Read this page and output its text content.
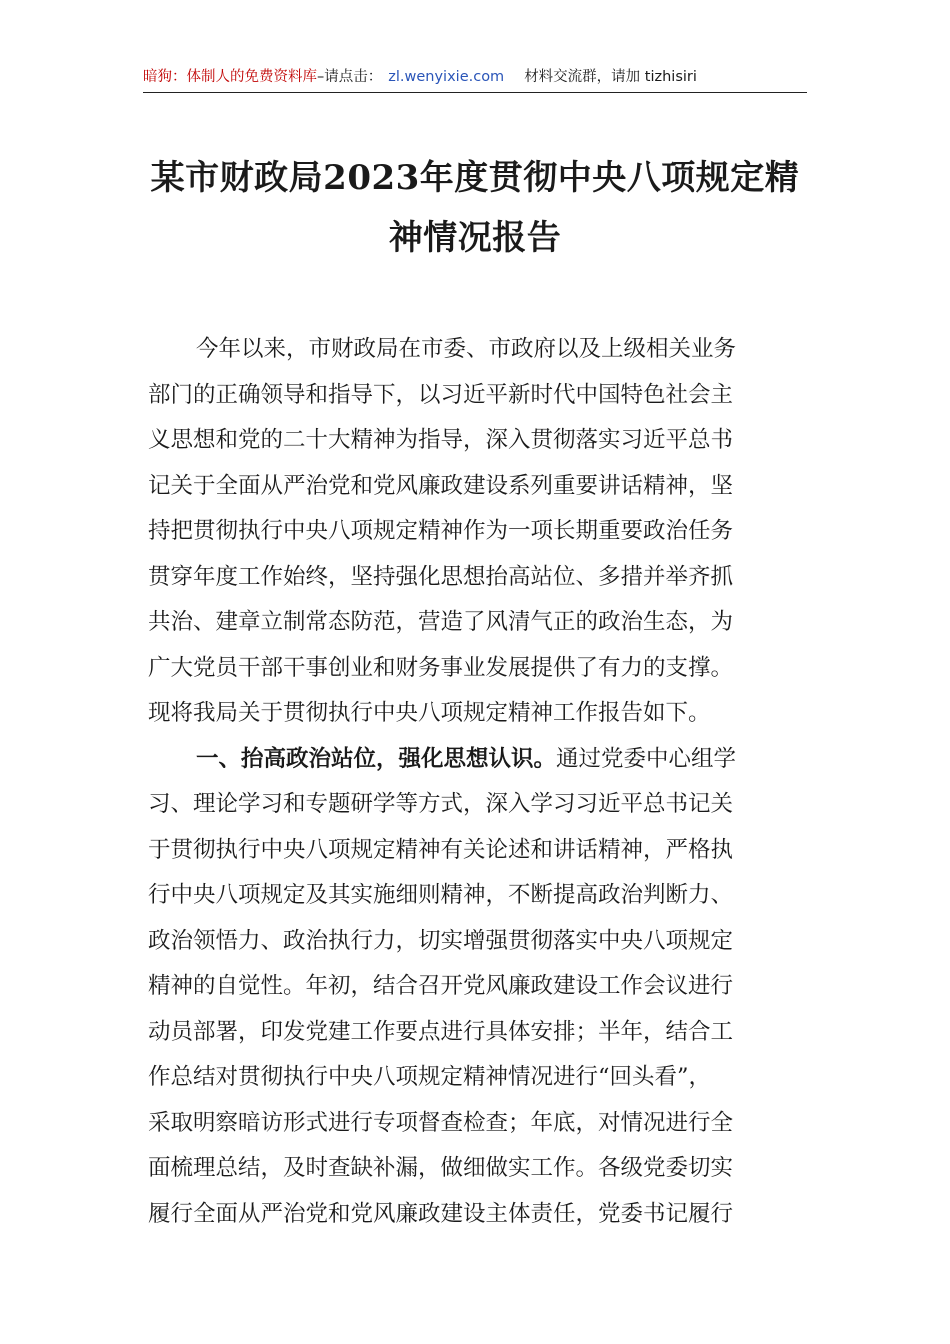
暗狗：体制人的免费资料库–请点击： zl.wenyixie.com 材料交流群，请加 tizhisiri
某市财政局2023年度贯彻中央八项规定精
神情况报告
今年以来，市财政局在市委、市政府以及上级相关业务
部门的正确领导和指导下，以习近平新时代中国特色社会主
义思想和党的二十大精神为指导，深入贯彻落实习近平总书
记关于全面从严治党和党风廉政建设系列重要讲话精神，坚
持把贯彻执行中央八项规定精神作为一项长期重要政治任务
贯穿年度工作始终，坚持强化思想抬高站位、多措并举齐抓
共治、建章立制常态防范，营造了风清气正的政治生态，为
广大党员干部干事创业和财务事业发展提供了有力的支撑。
现将我局关于贯彻执行中央八项规定精神工作报告如下。
一、抬高政治站位，强化思想认识。通过党委中心组学
习、理论学习和专题研学等方式，深入学习习近平总书记关
于贯彻执行中央八项规定精神有关论述和讲话精神，严格执
行中央八项规定及其实施细则精神，不断提高政治判断力、
政治领悟力、政治执行力，切实增强贯彻落实中央八项规定
精神的自觉性。年初，结合召开党风廉政建设工作会议进行
动员部署，印发党建工作要点进行具体安排；半年，结合工
作总结对贯彻执行中央八项规定精神情况进行“回头看”，
采取明察暗访形式进行专项督查检查；年底，对情况进行全
面梳理总结，及时查缺补漏，做细做实工作。各级党委切实
履行全面从严治党和党风廉政建设主体责任，党委书记履行
